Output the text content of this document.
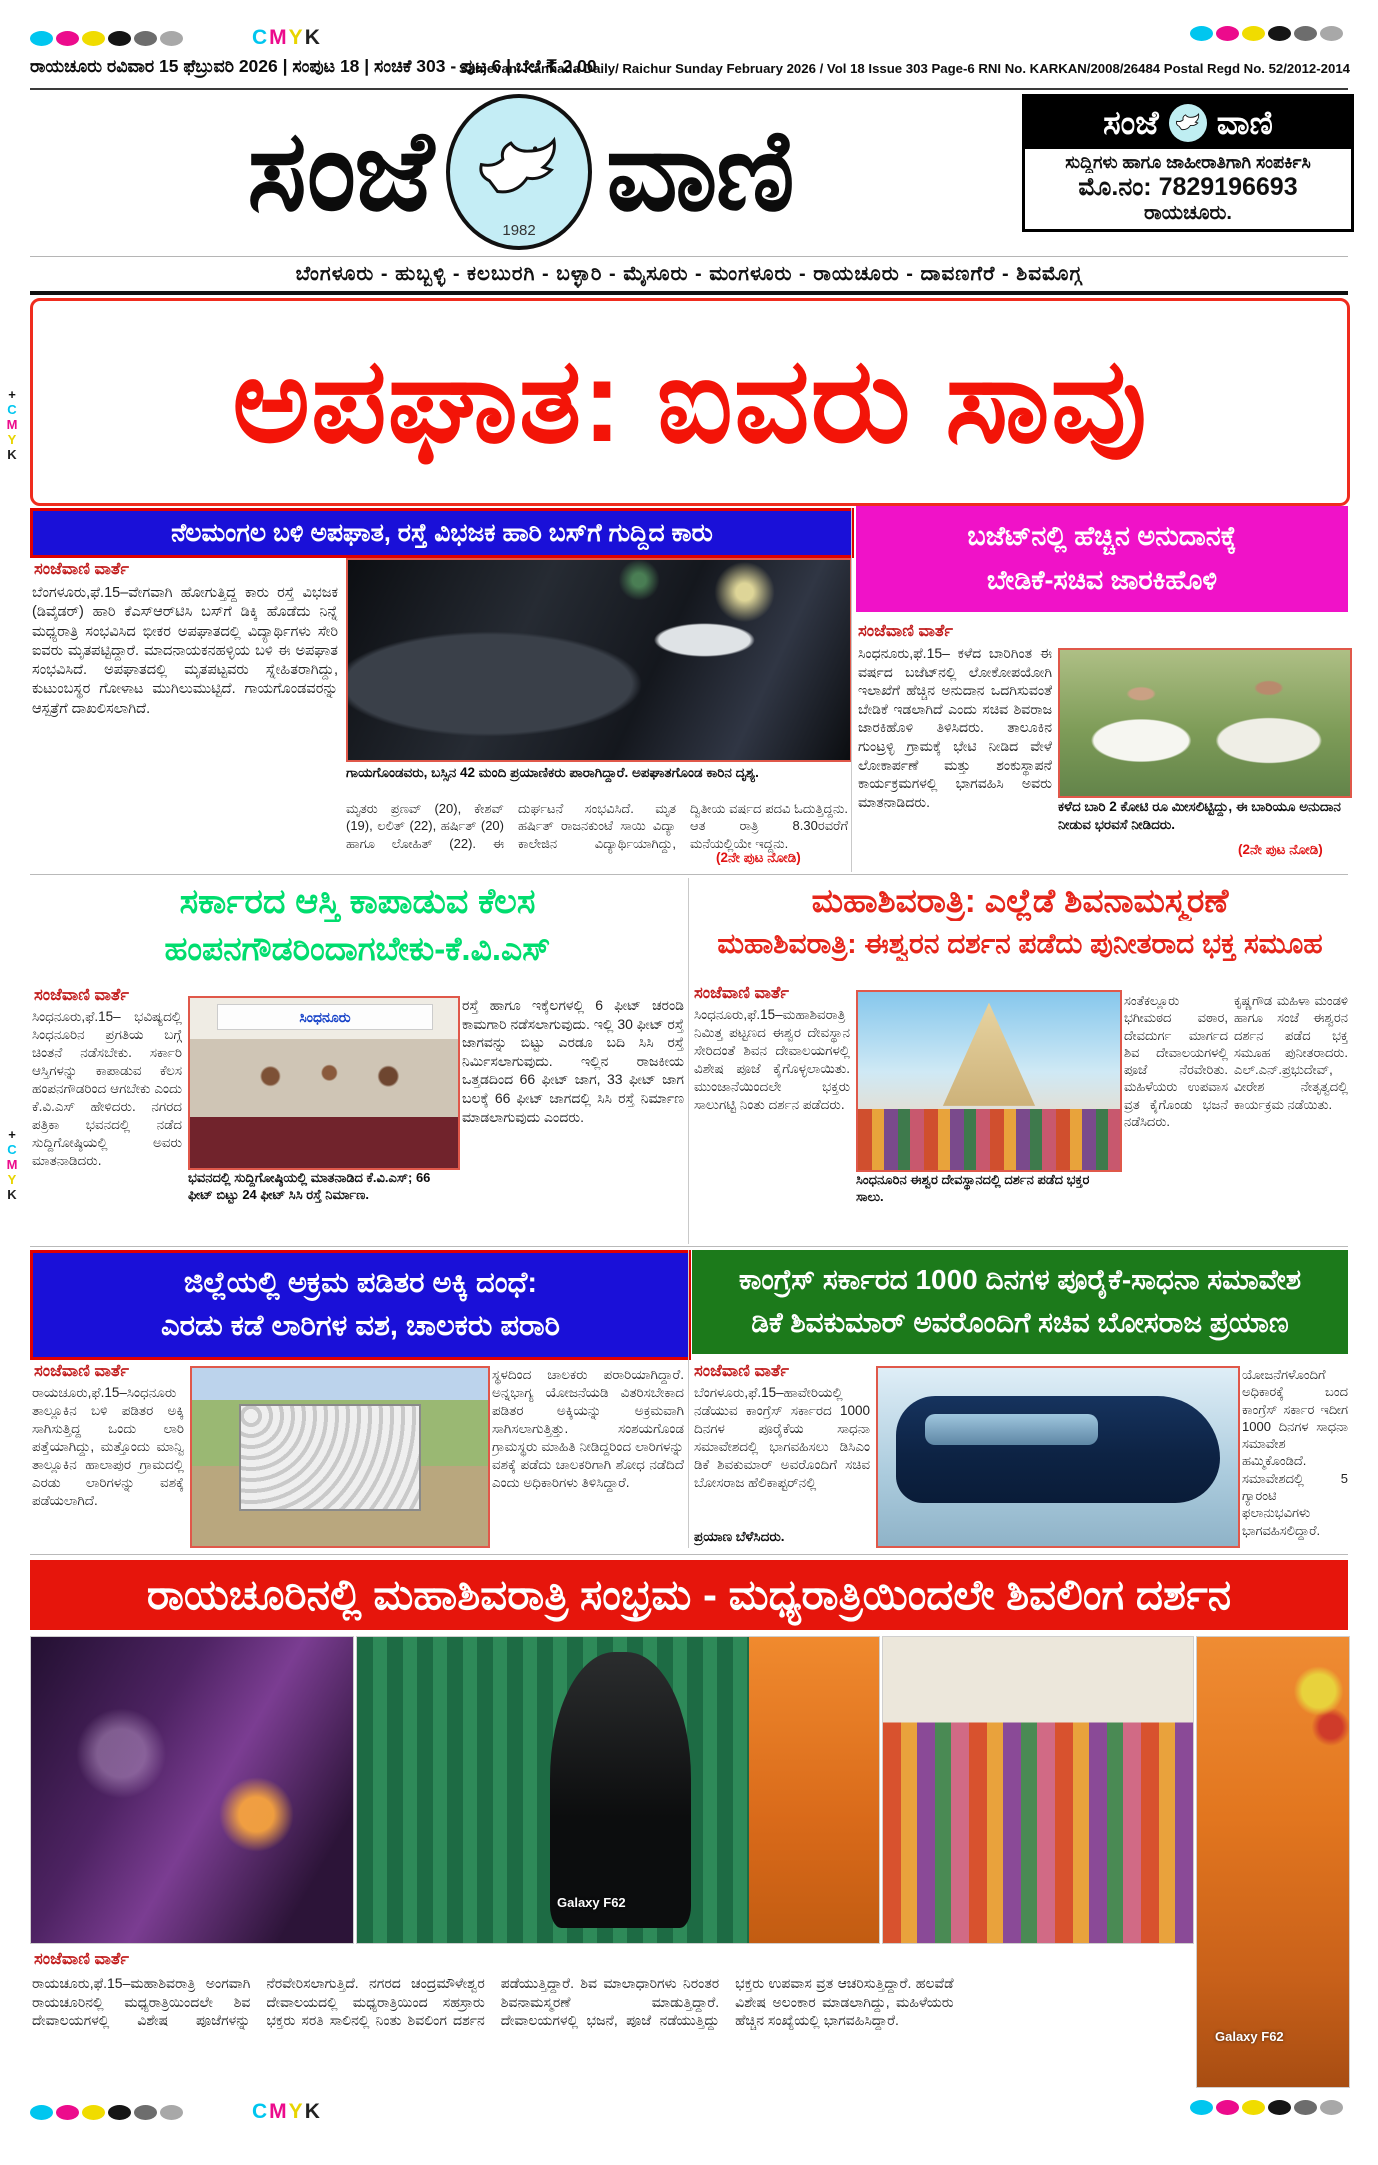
CMYK
ರಾಯಚೂರು ರವಿವಾರ 15 ಫೆಬ್ರುವರಿ 2026 | ಸಂಪುಟ 18 | ಸಂಚಿಕೆ 303 - ಪುಟ 6 | ಬೆಲೆ ₹ 2.00
Sanjevani Kannada Daily/ Raichur Sunday February 2026 / Vol 18 Issue 303 Page-6 RNI No. KARKAN/2008/26484 Postal Regd No. 52/2012-2014
ಸಂಜೆ	1982 ವಾಣಿ	ಸಂಜೆ ವಾಣಿ
ಸುದ್ದಿಗಳು ಹಾಗೂ ಜಾಹೀರಾತಿಗಾಗಿ ಸಂಪರ್ಕಿಸಿ
ಮೊ.ನಂ: 7829196693
ರಾಯಚೂರು.
ಬೆಂಗಳೂರು - ಹುಬ್ಬಳ್ಳಿ - ಕಲಬುರಗಿ - ಬಳ್ಳಾರಿ - ಮೈಸೂರು - ಮಂಗಳೂರು - ರಾಯಚೂರು - ದಾವಣಗೆರೆ - ಶಿವಮೊಗ್ಗ
ಅಪಘಾತ: ಐವರು ಸಾವು
ನೆಲಮಂಗಲ ಬಳಿ ಅಪಘಾತ, ರಸ್ತೆ ವಿಭಜಕ ಹಾರಿ ಬಸ್‌ಗೆ ಗುದ್ದಿದ ಕಾರು
ಸಂಜೆವಾಣಿ ವಾರ್ತೆ
ಬೆಂಗಳೂರು,ಫೆ.15–ವೇಗವಾಗಿ ಹೋಗುತ್ತಿದ್ದ ಕಾರು ರಸ್ತೆ ವಿಭಜಕ (ಡಿವೈಡರ್) ಹಾರಿ ಕೆಎಸ್‌ಆರ್‌ಟಿಸಿ ಬಸ್‌ಗೆ ಡಿಕ್ಕಿ ಹೊಡೆದು ನಿನ್ನೆ ಮಧ್ಯರಾತ್ರಿ ಸಂಭವಿಸಿದ ಭೀಕರ ಅಪಘಾತದಲ್ಲಿ ವಿದ್ಯಾರ್ಥಿಗಳು ಸೇರಿ ಐವರು ಮೃತಪಟ್ಟಿದ್ದಾರೆ. ಮಾದನಾಯಕನಹಳ್ಳಿಯ ಬಳಿ ಈ ಅಪಘಾತ ಸಂಭವಿಸಿದೆ. ಅಪಘಾತದಲ್ಲಿ ಮೃತಪಟ್ಟವರು ಸ್ನೇಹಿತರಾಗಿದ್ದು, ಕುಟುಂಬಸ್ಥರ ಗೋಳಾಟ ಮುಗಿಲುಮುಟ್ಟಿದೆ. ಗಾಯಗೊಂಡವರನ್ನು ಆಸ್ಪತ್ರೆಗೆ ದಾಖಲಿಸಲಾಗಿದೆ.
ಗಾಯಗೊಂಡವರು, ಬಸ್ಸಿನ 42 ಮಂದಿ ಪ್ರಯಾಣಿಕರು ಪಾರಾಗಿದ್ದಾರೆ. ಅಪಘಾತಗೊಂಡ ಕಾರಿನ ದೃಶ್ಯ.
ಮೃತರು ಪ್ರಣವ್ (20), ಕೇಶವ್ (19), ಲಲಿತ್ (22), ಹರ್ಷಿತ್ (20) ಹಾಗೂ ಲೋಹಿತ್ (22). ಈ ದುರ್ಘಟನೆ ಸಂಭವಿಸಿದೆ. ಮೃತ ಹರ್ಷಿತ್ ರಾಜನಕುಂಟೆ ಸಾಯಿ ವಿದ್ಯಾ ಕಾಲೇಜಿನ ವಿದ್ಯಾರ್ಥಿಯಾಗಿದ್ದು, ದ್ವಿತೀಯ ವರ್ಷದ ಪದವಿ ಓದುತ್ತಿದ್ದನು. ಆತ ರಾತ್ರಿ 8.30ರವರೆಗೆ ಮನೆಯಲ್ಲಿಯೇ ಇದ್ದನು.
(2ನೇ ಪುಟ ನೋಡಿ)
ಬಜೆಟ್‌ನಲ್ಲಿ ಹೆಚ್ಚಿನ ಅನುದಾನಕ್ಕೆ
ಬೇಡಿಕೆ-ಸಚಿವ ಜಾರಕಿಹೊಳಿ
ಸಂಜೆವಾಣಿ ವಾರ್ತೆ
ಸಿಂಧನೂರು,ಫೆ.15– ಕಳೆದ ಬಾರಿಗಿಂತ ಈ ವರ್ಷದ ಬಜೆಟ್‌ನಲ್ಲಿ ಲೋಕೋಪಯೋಗಿ ಇಲಾಖೆಗೆ ಹೆಚ್ಚಿನ ಅನುದಾನ ಒದಗಿಸುವಂತೆ ಬೇಡಿಕೆ ಇಡಲಾಗಿದೆ ಎಂದು ಸಚಿವ ಶಿವರಾಜ ಜಾರಕಿಹೊಳಿ ತಿಳಿಸಿದರು. ತಾಲೂಕಿನ ಗುಂಟ್ರಳ್ಳಿ ಗ್ರಾಮಕ್ಕೆ ಭೇಟಿ ನೀಡಿದ ವೇಳೆ ಲೋಕಾರ್ಪಣೆ ಮತ್ತು ಶಂಕುಸ್ಥಾಪನೆ ಕಾರ್ಯಕ್ರಮಗಳಲ್ಲಿ ಭಾಗವಹಿಸಿ ಅವರು ಮಾತನಾಡಿದರು.	ಕಳೆದ ಬಾರಿ 2 ಕೋಟಿ ರೂ ಮೀಸಲಿಟ್ಟಿದ್ದು, ಈ ಬಾರಿಯೂ ಅನುದಾನ ನೀಡುವ ಭರವಸೆ ನೀಡಿದರು.
(2ನೇ ಪುಟ ನೋಡಿ)
ಸರ್ಕಾರದ ಆಸ್ತಿ ಕಾಪಾಡುವ ಕೆಲಸ
ಹಂಪನಗೌಡರಿಂದಾಗಬೇಕು-ಕೆ.ವಿ.ಎಸ್
ಸಂಜೆವಾಣಿ ವಾರ್ತೆ
ಸಿಂಧನೂರು,ಫೆ.15– ಭವಿಷ್ಯದಲ್ಲಿ ಸಿಂಧನೂರಿನ ಪ್ರಗತಿಯ ಬಗ್ಗೆ ಚಿಂತನೆ ನಡೆಸಬೇಕು. ಸರ್ಕಾರಿ ಆಸ್ತಿಗಳನ್ನು ಕಾಪಾಡುವ ಕೆಲಸ ಹಂಪನಗೌಡರಿಂದ ಆಗಬೇಕು ಎಂದು ಕೆ.ವಿ.ಎಸ್ ಹೇಳಿದರು. ನಗರದ ಪತ್ರಿಕಾ ಭವನದಲ್ಲಿ ನಡೆದ ಸುದ್ದಿಗೋಷ್ಠಿಯಲ್ಲಿ ಅವರು ಮಾತನಾಡಿದರು.
ಸಿಂಧನೂರು
ಭವನದಲ್ಲಿ ಸುದ್ದಿಗೋಷ್ಠಿಯಲ್ಲಿ ಮಾತನಾಡಿದ ಕೆ.ವಿ.ಎಸ್; 66 ಫೀಟ್ ಬಿಟ್ಟು 24 ಫೀಟ್ ಸಿಸಿ ರಸ್ತೆ ನಿರ್ಮಾಣ.
ರಸ್ತೆ ಹಾಗೂ ಇಕ್ಕೆಲಗಳಲ್ಲಿ 6 ಫೀಟ್ ಚರಂಡಿ ಕಾಮಗಾರಿ ನಡೆಸಲಾಗುವುದು. ಇಲ್ಲಿ 30 ಫೀಟ್ ರಸ್ತೆ ಜಾಗವನ್ನು ಬಿಟ್ಟು ಎರಡೂ ಬದಿ ಸಿಸಿ ರಸ್ತೆ ನಿರ್ಮಿಸಲಾಗುವುದು. ಇಲ್ಲಿನ ರಾಜಕೀಯ ಒತ್ತಡದಿಂದ 66 ಫೀಟ್ ಜಾಗ, 33 ಫೀಟ್ ಜಾಗ ಬಲಕ್ಕೆ 66 ಫೀಟ್ ಜಾಗದಲ್ಲಿ ಸಿಸಿ ರಸ್ತೆ ನಿರ್ಮಾಣ ಮಾಡಲಾಗುವುದು ಎಂದರು.
ಮಹಾಶಿವರಾತ್ರಿ: ಎಲ್ಲೆಡೆ ಶಿವನಾಮಸ್ಮರಣೆ
ಮಹಾಶಿವರಾತ್ರಿ: ಈಶ್ವರನ ದರ್ಶನ ಪಡೆದು ಪುನೀತರಾದ ಭಕ್ತ ಸಮೂಹ
ಸಂಜೆವಾಣಿ ವಾರ್ತೆ
ಸಿಂಧನೂರು,ಫೆ.15–ಮಹಾಶಿವರಾತ್ರಿ ನಿಮಿತ್ತ ಪಟ್ಟಣದ ಈಶ್ವರ ದೇವಸ್ಥಾನ ಸೇರಿದಂತೆ ಶಿವನ ದೇವಾಲಯಗಳಲ್ಲಿ ವಿಶೇಷ ಪೂಜೆ ಕೈಗೊಳ್ಳಲಾಯಿತು. ಮುಂಜಾನೆಯಿಂದಲೇ ಭಕ್ತರು ಸಾಲುಗಟ್ಟಿ ನಿಂತು ದರ್ಶನ ಪಡೆದರು.
ಸಿಂಧನೂರಿನ ಈಶ್ವರ ದೇವಸ್ಥಾನದಲ್ಲಿ ದರ್ಶನ ಪಡೆದ ಭಕ್ತರ ಸಾಲು.
ಸಂತೆಕಲ್ಲೂರು ಭಗೀಮಠದ ವಠಾರ, ದೇವದುರ್ಗ ಮಾರ್ಗದ ಶಿವ ದೇವಾಲಯಗಳಲ್ಲಿ ಪೂಜೆ ನೆರವೇರಿತು. ಮಹಿಳೆಯರು ಉಪವಾಸ ವ್ರತ ಕೈಗೊಂಡು ಭಜನೆ ನಡೆಸಿದರು.
ಕೃಷ್ಣಗೌಡ ಮಹಿಳಾ ಮಂಡಳಿ ಹಾಗೂ ಸಂಜೆ ಈಶ್ವರನ ದರ್ಶನ ಪಡೆದ ಭಕ್ತ ಸಮೂಹ ಪುನೀತರಾದರು. ಎಲ್.ಎನ್.ಪ್ರಭುದೇವ್, ವೀರೇಶ ನೇತೃತ್ವದಲ್ಲಿ ಕಾರ್ಯಕ್ರಮ ನಡೆಯಿತು.
ಜಿಲ್ಲೆಯಲ್ಲಿ ಅಕ್ರಮ ಪಡಿತರ ಅಕ್ಕಿ ದಂಧೆ:
ಎರಡು ಕಡೆ ಲಾರಿಗಳ ವಶ, ಚಾಲಕರು ಪರಾರಿ
ಸಂಜೆವಾಣಿ ವಾರ್ತೆ
ರಾಯಚೂರು,ಫೆ.15–ಸಿಂಧನೂರು ತಾಲ್ಲೂಕಿನ ಬಳಿ ಪಡಿತರ ಅಕ್ಕಿ ಸಾಗಿಸುತ್ತಿದ್ದ ಒಂದು ಲಾರಿ ಪತ್ತೆಯಾಗಿದ್ದು, ಮತ್ತೊಂದು ಮಾನ್ವಿ ತಾಲ್ಲೂಕಿನ ಹಾಲಾಪುರ ಗ್ರಾಮದಲ್ಲಿ ಎರಡು ಲಾರಿಗಳನ್ನು ವಶಕ್ಕೆ ಪಡೆಯಲಾಗಿದೆ.
ಸ್ಥಳದಿಂದ ಚಾಲಕರು ಪರಾರಿಯಾಗಿದ್ದಾರೆ. ಅನ್ನಭಾಗ್ಯ ಯೋಜನೆಯಡಿ ವಿತರಿಸಬೇಕಾದ ಪಡಿತರ ಅಕ್ಕಿಯನ್ನು ಅಕ್ರಮವಾಗಿ ಸಾಗಿಸಲಾಗುತ್ತಿತ್ತು. ಸಂಶಯಗೊಂಡ ಗ್ರಾಮಸ್ಥರು ಮಾಹಿತಿ ನೀಡಿದ್ದರಿಂದ ಲಾರಿಗಳನ್ನು ವಶಕ್ಕೆ ಪಡೆದು ಚಾಲಕರಿಗಾಗಿ ಶೋಧ ನಡೆದಿದೆ ಎಂದು ಅಧಿಕಾರಿಗಳು ತಿಳಿಸಿದ್ದಾರೆ.
ಕಾಂಗ್ರೆಸ್ ಸರ್ಕಾರದ 1000 ದಿನಗಳ ಪೂರೈಕೆ-ಸಾಧನಾ ಸಮಾವೇಶ
ಡಿಕೆ ಶಿವಕುಮಾರ್ ಅವರೊಂದಿಗೆ ಸಚಿವ ಬೋಸರಾಜ ಪ್ರಯಾಣ
ಸಂಜೆವಾಣಿ ವಾರ್ತೆ
ಬೆಂಗಳೂರು,ಫೆ.15–ಹಾವೇರಿಯಲ್ಲಿ ನಡೆಯುವ ಕಾಂಗ್ರೆಸ್ ಸರ್ಕಾರದ 1000 ದಿನಗಳ ಪೂರೈಕೆಯ ಸಾಧನಾ ಸಮಾವೇಶದಲ್ಲಿ ಭಾಗವಹಿಸಲು ಡಿಸಿಎಂ ಡಿಕೆ ಶಿವಕುಮಾರ್ ಅವರೊಂದಿಗೆ ಸಚಿವ ಬೋಸರಾಜ ಹೆಲಿಕಾಪ್ಟರ್‌ನಲ್ಲಿ
ಪ್ರಯಾಣ ಬೆಳೆಸಿದರು.
ಯೋಜನೆಗಳೊಂದಿಗೆ ಅಧಿಕಾರಕ್ಕೆ ಬಂದ ಕಾಂಗ್ರೆಸ್ ಸರ್ಕಾರ ಇದೀಗ 1000 ದಿನಗಳ ಸಾಧನಾ ಸಮಾವೇಶ ಹಮ್ಮಿಕೊಂಡಿದೆ. ಸಮಾವೇಶದಲ್ಲಿ 5 ಗ್ಯಾರಂಟಿ ಫಲಾನುಭವಿಗಳು ಭಾಗವಹಿಸಲಿದ್ದಾರೆ.
ರಾಯಚೂರಿನಲ್ಲಿ ಮಹಾಶಿವರಾತ್ರಿ ಸಂಭ್ರಮ - ಮಧ್ಯರಾತ್ರಿಯಿಂದಲೇ ಶಿವಲಿಂಗ ದರ್ಶನ
Galaxy F62
Galaxy F62
ಸಂಜೆವಾಣಿ ವಾರ್ತೆ
ರಾಯಚೂರು,ಫೆ.15–ಮಹಾಶಿವರಾತ್ರಿ ಅಂಗವಾಗಿ ರಾಯಚೂರಿನಲ್ಲಿ ಮಧ್ಯರಾತ್ರಿಯಿಂದಲೇ ಶಿವ ದೇವಾಲಯಗಳಲ್ಲಿ ವಿಶೇಷ ಪೂಜೆಗಳನ್ನು ನೆರವೇರಿಸಲಾಗುತ್ತಿದೆ. ನಗರದ ಚಂದ್ರಮೌಳೇಶ್ವರ ದೇವಾಲಯದಲ್ಲಿ ಮಧ್ಯರಾತ್ರಿಯಿಂದ ಸಹಸ್ರಾರು ಭಕ್ತರು ಸರತಿ ಸಾಲಿನಲ್ಲಿ ನಿಂತು ಶಿವಲಿಂಗ ದರ್ಶನ ಪಡೆಯುತ್ತಿದ್ದಾರೆ. ಶಿವ ಮಾಲಾಧಾರಿಗಳು ನಿರಂತರ ಶಿವನಾಮಸ್ಮರಣೆ ಮಾಡುತ್ತಿದ್ದಾರೆ. ದೇವಾಲಯಗಳಲ್ಲಿ ಭಜನೆ, ಪೂಜೆ ನಡೆಯುತ್ತಿದ್ದು ಭಕ್ತರು ಉಪವಾಸ ವ್ರತ ಆಚರಿಸುತ್ತಿದ್ದಾರೆ. ಹಲವೆಡೆ ವಿಶೇಷ ಅಲಂಕಾರ ಮಾಡಲಾಗಿದ್ದು, ಮಹಿಳೆಯರು ಹೆಚ್ಚಿನ ಸಂಖ್ಯೆಯಲ್ಲಿ ಭಾಗವಹಿಸಿದ್ದಾರೆ.
+
C
M
Y
K
+
C
M
Y
K
CMYK
